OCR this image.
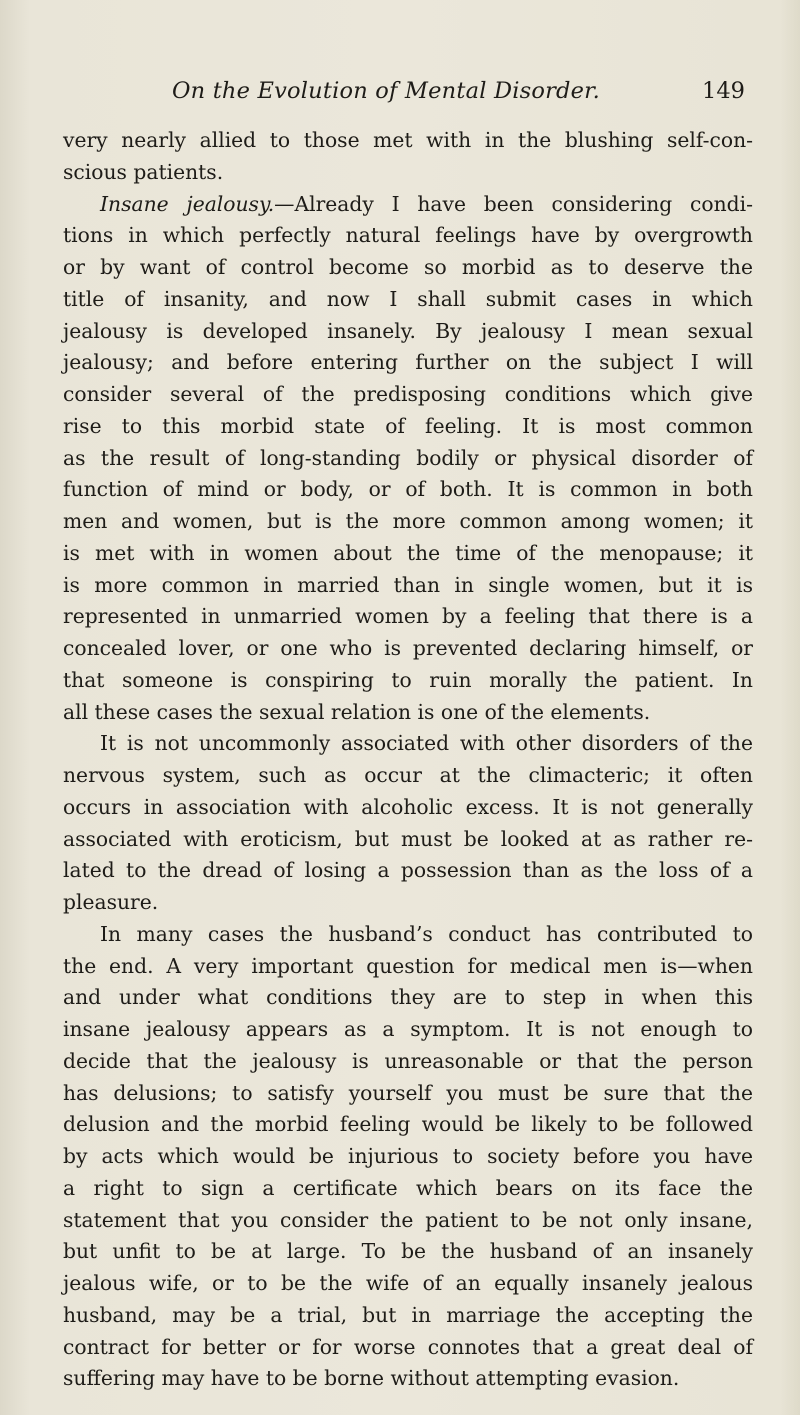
On the Evolution of Mental Disorder.	149
very nearly allied to those met with in the blushing self-con-
scious patients.
Insane jealousy.—Already I have been considering condi-
tions in which perfectly natural feelings have by overgrowth
or by want of control become so morbid as to deserve the
title of insanity, and now I shall submit cases in which
jealousy is developed insanely. By jealousy I mean sexual
jealousy; and before entering further on the subject I will
consider several of the predisposing conditions which give
rise to this morbid state of feeling. It is most common
as the result of long-standing bodily or physical disorder of
function of mind or body, or of both. It is common in both
men and women, but is the more common among women; it
is met with in women about the time of the menopause; it
is more common in married than in single women, but it is
represented in unmarried women by a feeling that there is a
concealed lover, or one who is prevented declaring himself, or
that someone is conspiring to ruin morally the patient. In
all these cases the sexual relation is one of the elements.
It is not uncommonly associated with other disorders of the
nervous system, such as occur at the climacteric; it often
occurs in association with alcoholic excess. It is not generally
associated with eroticism, but must be looked at as rather re-
lated to the dread of losing a possession than as the loss of a
pleasure.
In many cases the husband’s conduct has contributed to
the end. A very important question for medical men is—when
and under what conditions they are to step in when this
insane jealousy appears as a symptom. It is not enough to
decide that the jealousy is unreasonable or that the person
has delusions; to satisfy yourself you must be sure that the
delusion and the morbid feeling would be likely to be followed
by acts which would be injurious to society before you have
a right to sign a certificate which bears on its face the
statement that you consider the patient to be not only insane,
but unfit to be at large. To be the husband of an insanely
jealous wife, or to be the wife of an equally insanely jealous
husband, may be a trial, but in marriage the accepting the
contract for better or for worse connotes that a great deal of
suffering may have to be borne without attempting evasion.
